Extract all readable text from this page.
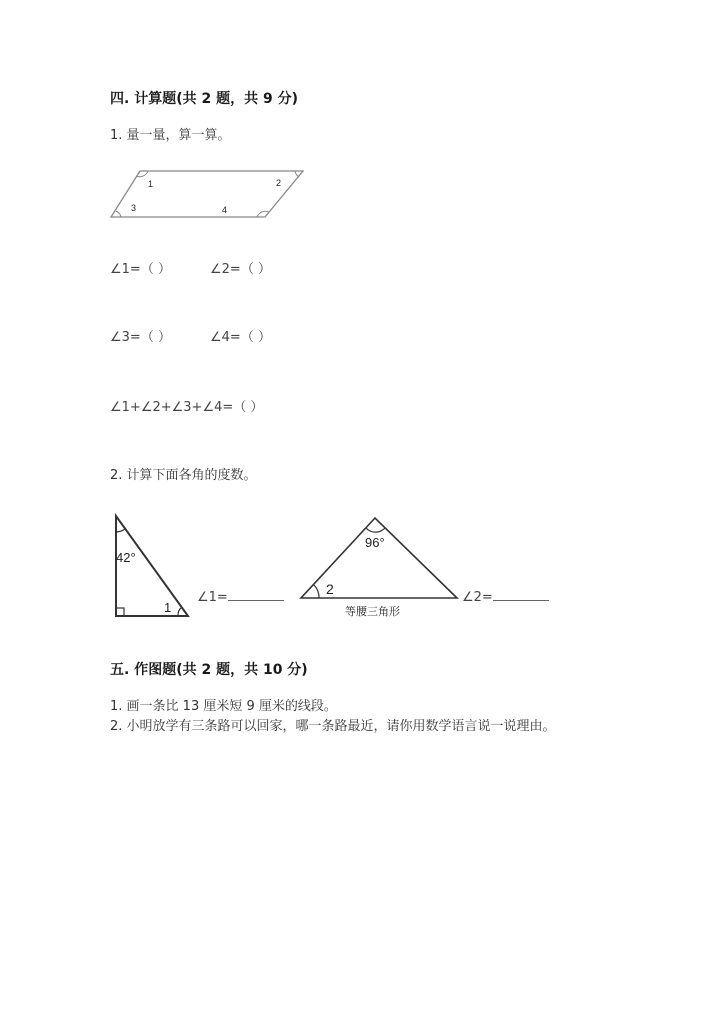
四. 计算题(共 2 题，共 9 分)
1. 量一量，算一算。
1	2
3	4
∠1=（ ）	∠2=（ ）
∠3=（ ）	∠4=（ ）
∠1+∠2+∠3+∠4=（ ）
2. 计算下面各角的度数。
42°
1
∠1=
96°
2
等腰三角形
∠2=
五. 作图题(共 2 题，共 10 分)
1. 画一条比 13 厘米短 9 厘米的线段。
2. 小明放学有三条路可以回家，哪一条路最近，请你用数学语言说一说理由。
